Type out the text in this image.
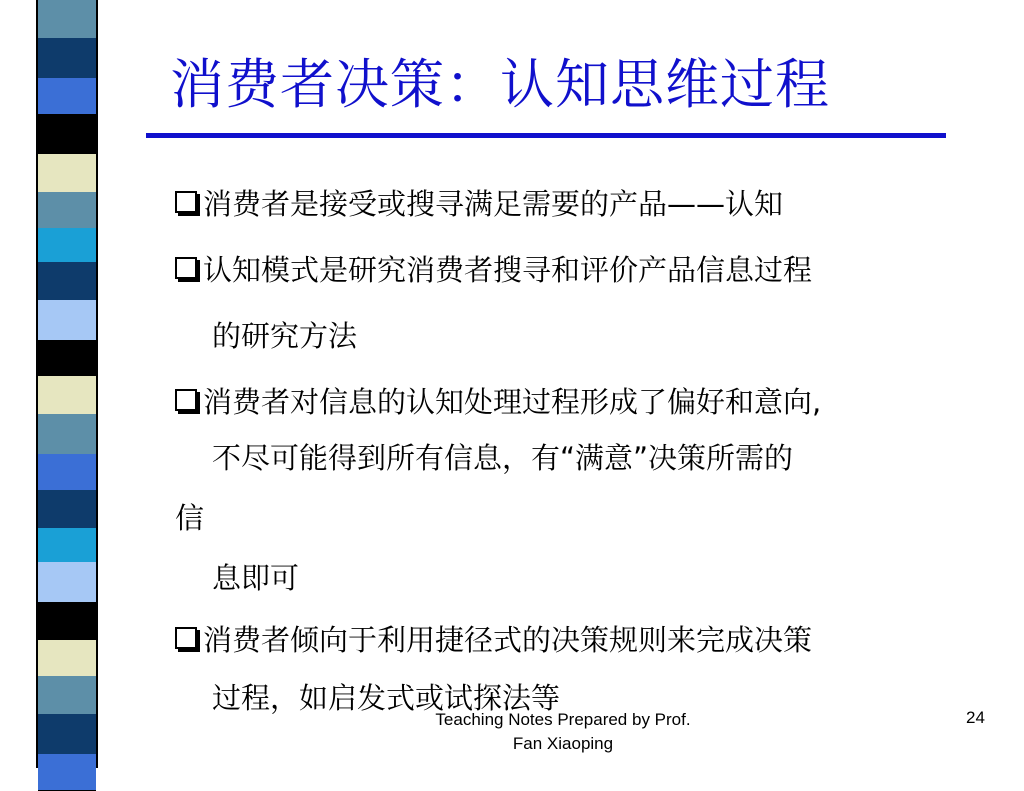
消费者决策：认知思维过程
消费者是接受或搜寻满足需要的产品——认知
认知模式是研究消费者搜寻和评价产品信息过程
的研究方法
消费者对信息的认知处理过程形成了偏好和意向,
不尽可能得到所有信息，有“满意”决策所需的
信
息即可
消费者倾向于利用捷径式的决策规则来完成决策
过程，如启发式或试探法等
Teaching Notes Prepared by Prof.
Fan Xiaoping
24
